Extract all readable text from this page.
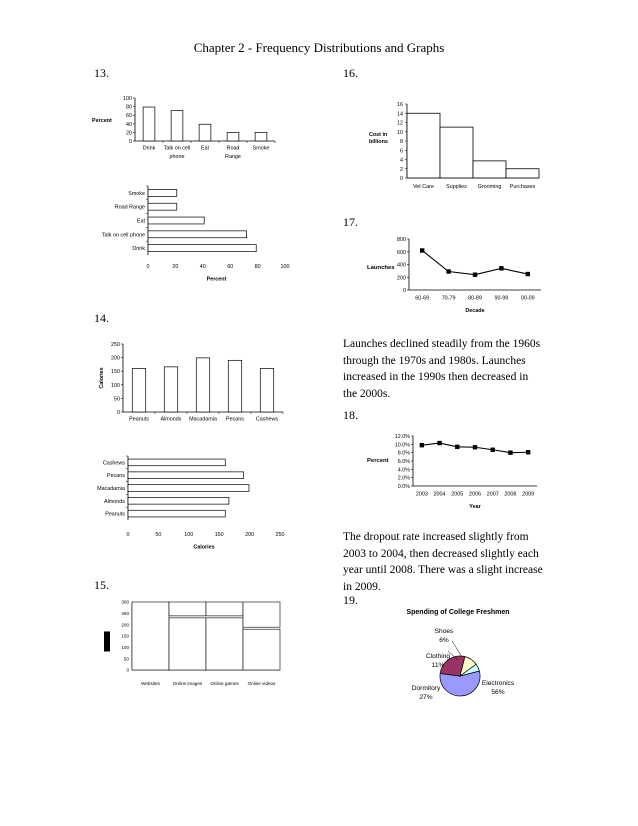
Chapter 2 - Frequency Distributions and Graphs
13.
14.
15.
16.
17.
18.
19.
Launches declined steadily from the 1960s through the 1970s and 1980s. Launches increased in the 1990s then decreased in the 2000s.
The dropout rate increased slightly from 2003 to 2004, then decreased slightly each year until 2008. There was a slight increase in 2009.
0
20
40
60
80
100
Drink Talk on cell
phone
Eat	Road
Range
Smoke
Percent
Smoke
Road Range
Eat
Talk on cell phone
Drink
0	20	40	60	80	100
Percent
0
50
100
150
200
250
Peanuts Almonds Macadamia Pecans Cashews
Calories
Cashews
Pecans
Macadamia
Almonds
Peanuts
0	50	100	150	200	250
Calories
0
50
100
150
200
250
300
Websites	Online images Online games Online videos
0
2
4
6
8
10
12
14
16
Vet Care Supplies Grooming Purchases
Cost in
billions
0
200
400
600
800
60-69 70-79 80-89 90-99 00-09
Decade
Launches
0.0%
2.0%
4.0%
6.0%
8.0%
10.0%
12.0%
2003 2004 2005 2006 2007 2008 2009
Year
Percent
Spending of College Freshmen
Electronics
56%
Dormitory
27%
Clothing
11%
Shoes
6%
